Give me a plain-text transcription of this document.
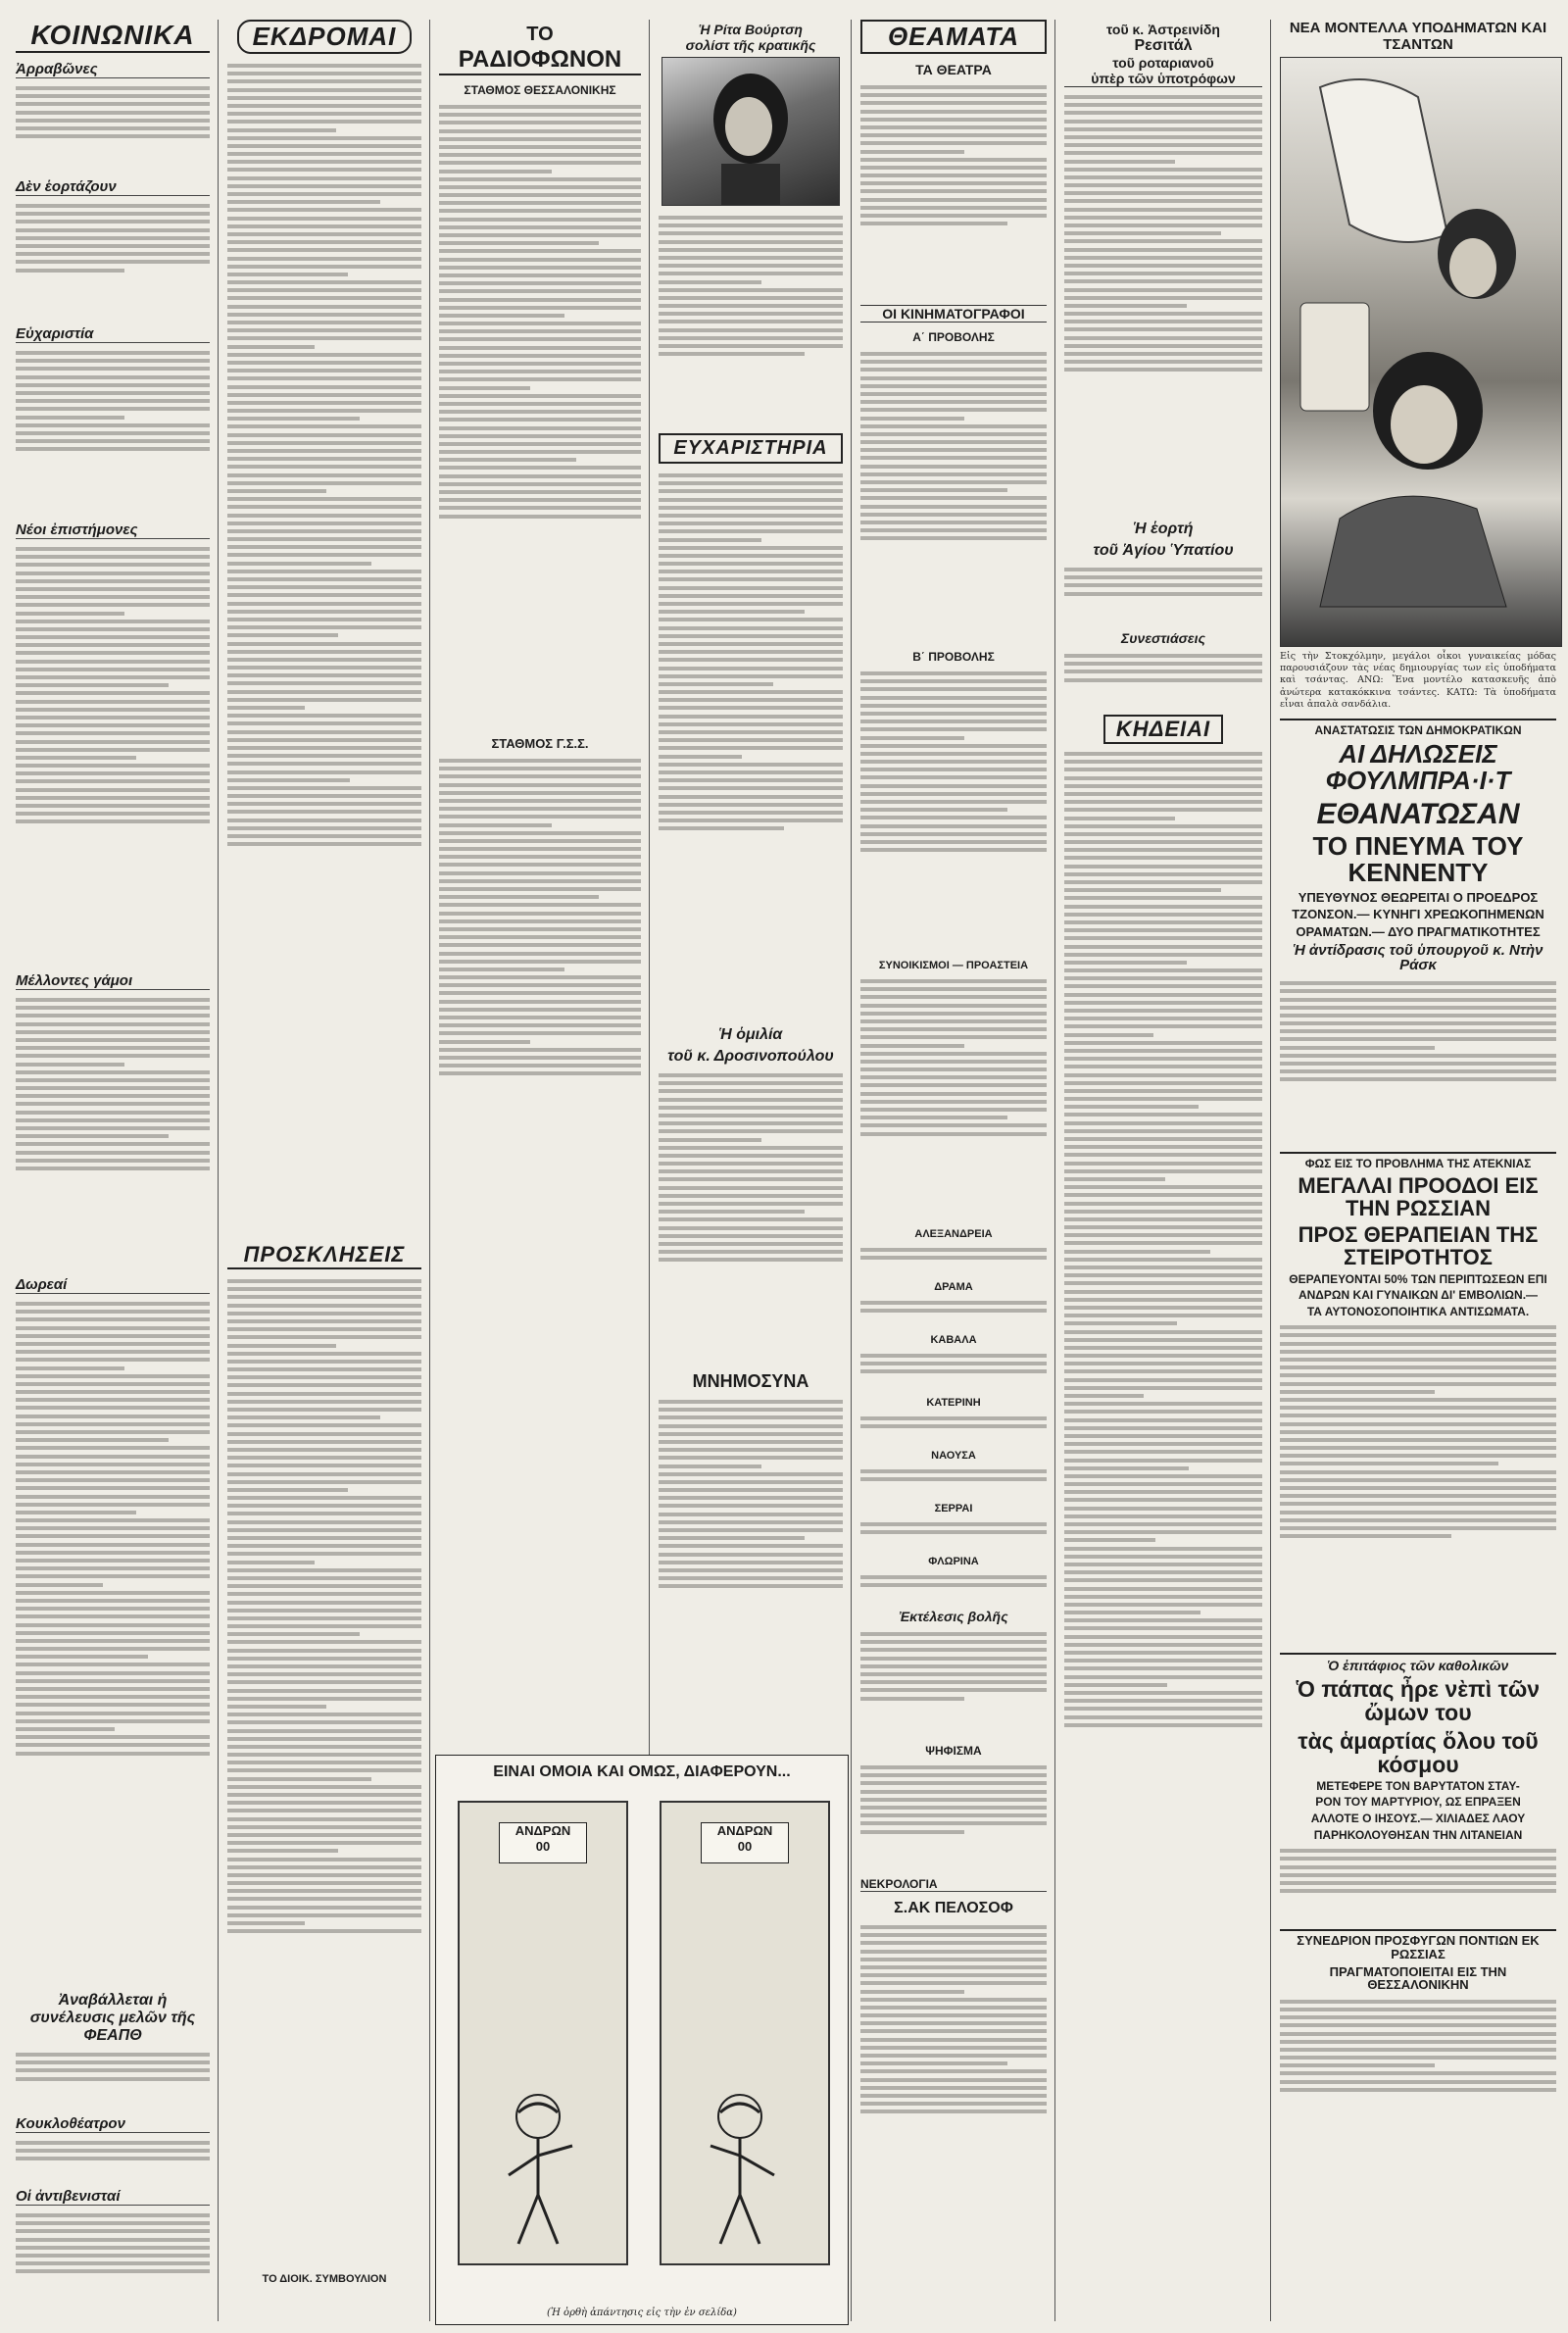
ΚΟΙΝΩΝΙΚΑ
Ἀρραβῶνες
Δὲν ἑορτάζουν
Εὐχαριστία
Νέοι ἐπιστήμονες
Μέλλοντες γάμοι
Δωρεαί
Ἀναβάλλεται ἡ συνέλευσις μελῶν τῆς ΦΕΑΠΘ
Κουκλοθέατρον
Οἱ ἀντιβενισταί
ΕΚΔΡΟΜΑΙ
ΠΡΟΣΚΛΗΣΕΙΣ
ΤΟ ΔΙΟΙΚ. ΣΥΜΒΟΥΛΙΟΝ
ΤΟ
ΡΑΔΙΟΦΩΝΟΝ
ΣΤΑΘΜΟΣ ΘΕΣΣΑΛΟΝΙΚΗΣ
ΣΤΑΘΜΟΣ Γ.Σ.Σ.
Ἡ Ρίτα Βούρτση
σολίστ τῆς κρατικῆς
ΕΥΧΑΡΙΣΤΗΡΙΑ
Ἡ ὁμιλία
τοῦ κ. Δροσινοπούλου
ΜΝΗΜΟΣΥΝΑ
ΕΙΝΑΙ ΟΜΟΙΑ ΚΑΙ ΟΜΩΣ, ΔΙΑΦΕΡΟΥΝ...
ΑΝΔΡΩΝ
00
ΑΝΔΡΩΝ
00
(Ἡ ὀρθὴ ἀπάντησις εἰς τὴν ἐν σελίδα)
ΘΕΑΜΑΤΑ
ΤΑ ΘΕΑΤΡΑ
ΟΙ ΚΙΝΗΜΑΤΟΓΡΑΦΟΙ
Α΄ ΠΡΟΒΟΛΗΣ
Β΄ ΠΡΟΒΟΛΗΣ
ΣΥΝΟΙΚΙΣΜΟΙ — ΠΡΟΑΣΤΕΙΑ
ΑΛΕΞΑΝΔΡΕΙΑ
ΔΡΑΜΑ
ΚΑΒΑΛΑ
ΚΑΤΕΡΙΝΗ
ΝΑΟΥΣΑ
ΣΕΡΡΑΙ
ΦΛΩΡΙΝΑ
Ἐκτέλεσις βολῆς
ΨΗΦΙΣΜΑ
ΝΕΚΡΟΛΟΓΙΑ
Σ.ΑΚ ΠΕΛΟΣΟΦ
τοῦ κ. Ἀστρεινίδη
Ρεσιτάλ
τοῦ ροταριανοῦ
ὑπὲρ τῶν ὑποτρόφων
Ἡ ἑορτή
τοῦ Ἁγίου Ὑπατίου
Συνεστιάσεις
ΚΗΔΕΙΑΙ
ΝΕΑ ΜΟΝΤΕΛΛΑ ΥΠΟΔΗΜΑΤΩΝ ΚΑΙ ΤΣΑΝΤΩΝ
Εἰς τὴν Στοκχόλμην, μεγάλοι οἶκοι γυναικείας μόδας παρουσιάζουν τὰς νέας δημιουργίας των εἰς ὑποδήματα καὶ τσάντας. ΑΝΩ: Ἕνα μοντέλο κατασκευῆς ἀπὸ ἀνώτερα κατακόκκινα τσάντες. ΚΑΤΩ: Τὰ ὑποδήματα εἶναι ἀπαλὰ σανδάλια.
ΑΝΑΣΤΑΤΩΣΙΣ ΤΩΝ ΔΗΜΟΚΡΑΤΙΚΩΝ
ΑΙ ΔΗΛΩΣΕΙΣ ΦΟΥΛΜΠΡΑ·Ι·Τ
ΕΘΑΝΑΤΩΣΑΝ
ΤΟ ΠΝΕΥΜΑ ΤΟΥ ΚΕΝΝΕΝΤΥ
ΥΠΕΥΘΥΝΟΣ ΘΕΩΡΕΙΤΑΙ Ο ΠΡΟΕΔΡΟΣ
ΤΖΟΝΣΟΝ.— ΚΥΝΗΓΙ ΧΡΕΩΚΟΠΗΜΕΝΩΝ
ΟΡΑΜΑΤΩΝ.— ΔΥΟ ΠΡΑΓΜΑΤΙΚΟΤΗΤΕΣ
Ἡ ἀντίδρασις τοῦ ὑπουργοῦ κ. Ντὴν Ράσκ
ΦΩΣ ΕΙΣ ΤΟ ΠΡΟΒΛΗΜΑ ΤΗΣ ΑΤΕΚΝΙΑΣ
ΜΕΓΑΛΑΙ ΠΡΟΟΔΟΙ ΕΙΣ ΤΗΝ ΡΩΣΣΙΑΝ
ΠΡΟΣ ΘΕΡΑΠΕΙΑΝ ΤΗΣ ΣΤΕΙΡΟΤΗΤΟΣ
ΘΕΡΑΠΕΥΟΝΤΑΙ 50% ΤΩΝ ΠΕΡΙΠΤΩΣΕΩΝ ΕΠΙ
ΑΝΔΡΩΝ ΚΑΙ ΓΥΝΑΙΚΩΝ ΔΙ' ΕΜΒΟΛΙΩΝ.—
ΤΑ ΑΥΤΟΝΟΣΟΠΟΙΗΤΙΚΑ ΑΝΤΙΣΩΜΑΤΑ.
Ὁ ἐπιτάφιος τῶν καθολικῶν
Ὁ πάπας ἦρε νὲπὶ τῶν ὤμων του
τὰς ἁμαρτίας ὅλου τοῦ κόσμου
ΜΕΤΕΦΕΡΕ ΤΟΝ ΒΑΡΥΤΑΤΟΝ ΣΤΑΥ-
ΡΟΝ ΤΟΥ ΜΑΡΤΥΡΙΟΥ, ΩΣ ΕΠΡΑΞΕΝ
ΑΛΛΟΤΕ Ο ΙΗΣΟΥΣ.— ΧΙΛΙΑΔΕΣ ΛΑΟΥ
ΠΑΡΗΚΟΛΟΥΘΗΣΑΝ ΤΗΝ ΛΙΤΑΝΕΙΑΝ
ΣΥΝΕΔΡΙΟΝ ΠΡΟΣΦΥΓΩΝ ΠΟΝΤΙΩΝ ΕΚ ΡΩΣΣΙΑΣ
ΠΡΑΓΜΑΤΟΠΟΙΕΙΤΑΙ ΕΙΣ ΤΗΝ ΘΕΣΣΑΛΟΝΙΚΗΝ
